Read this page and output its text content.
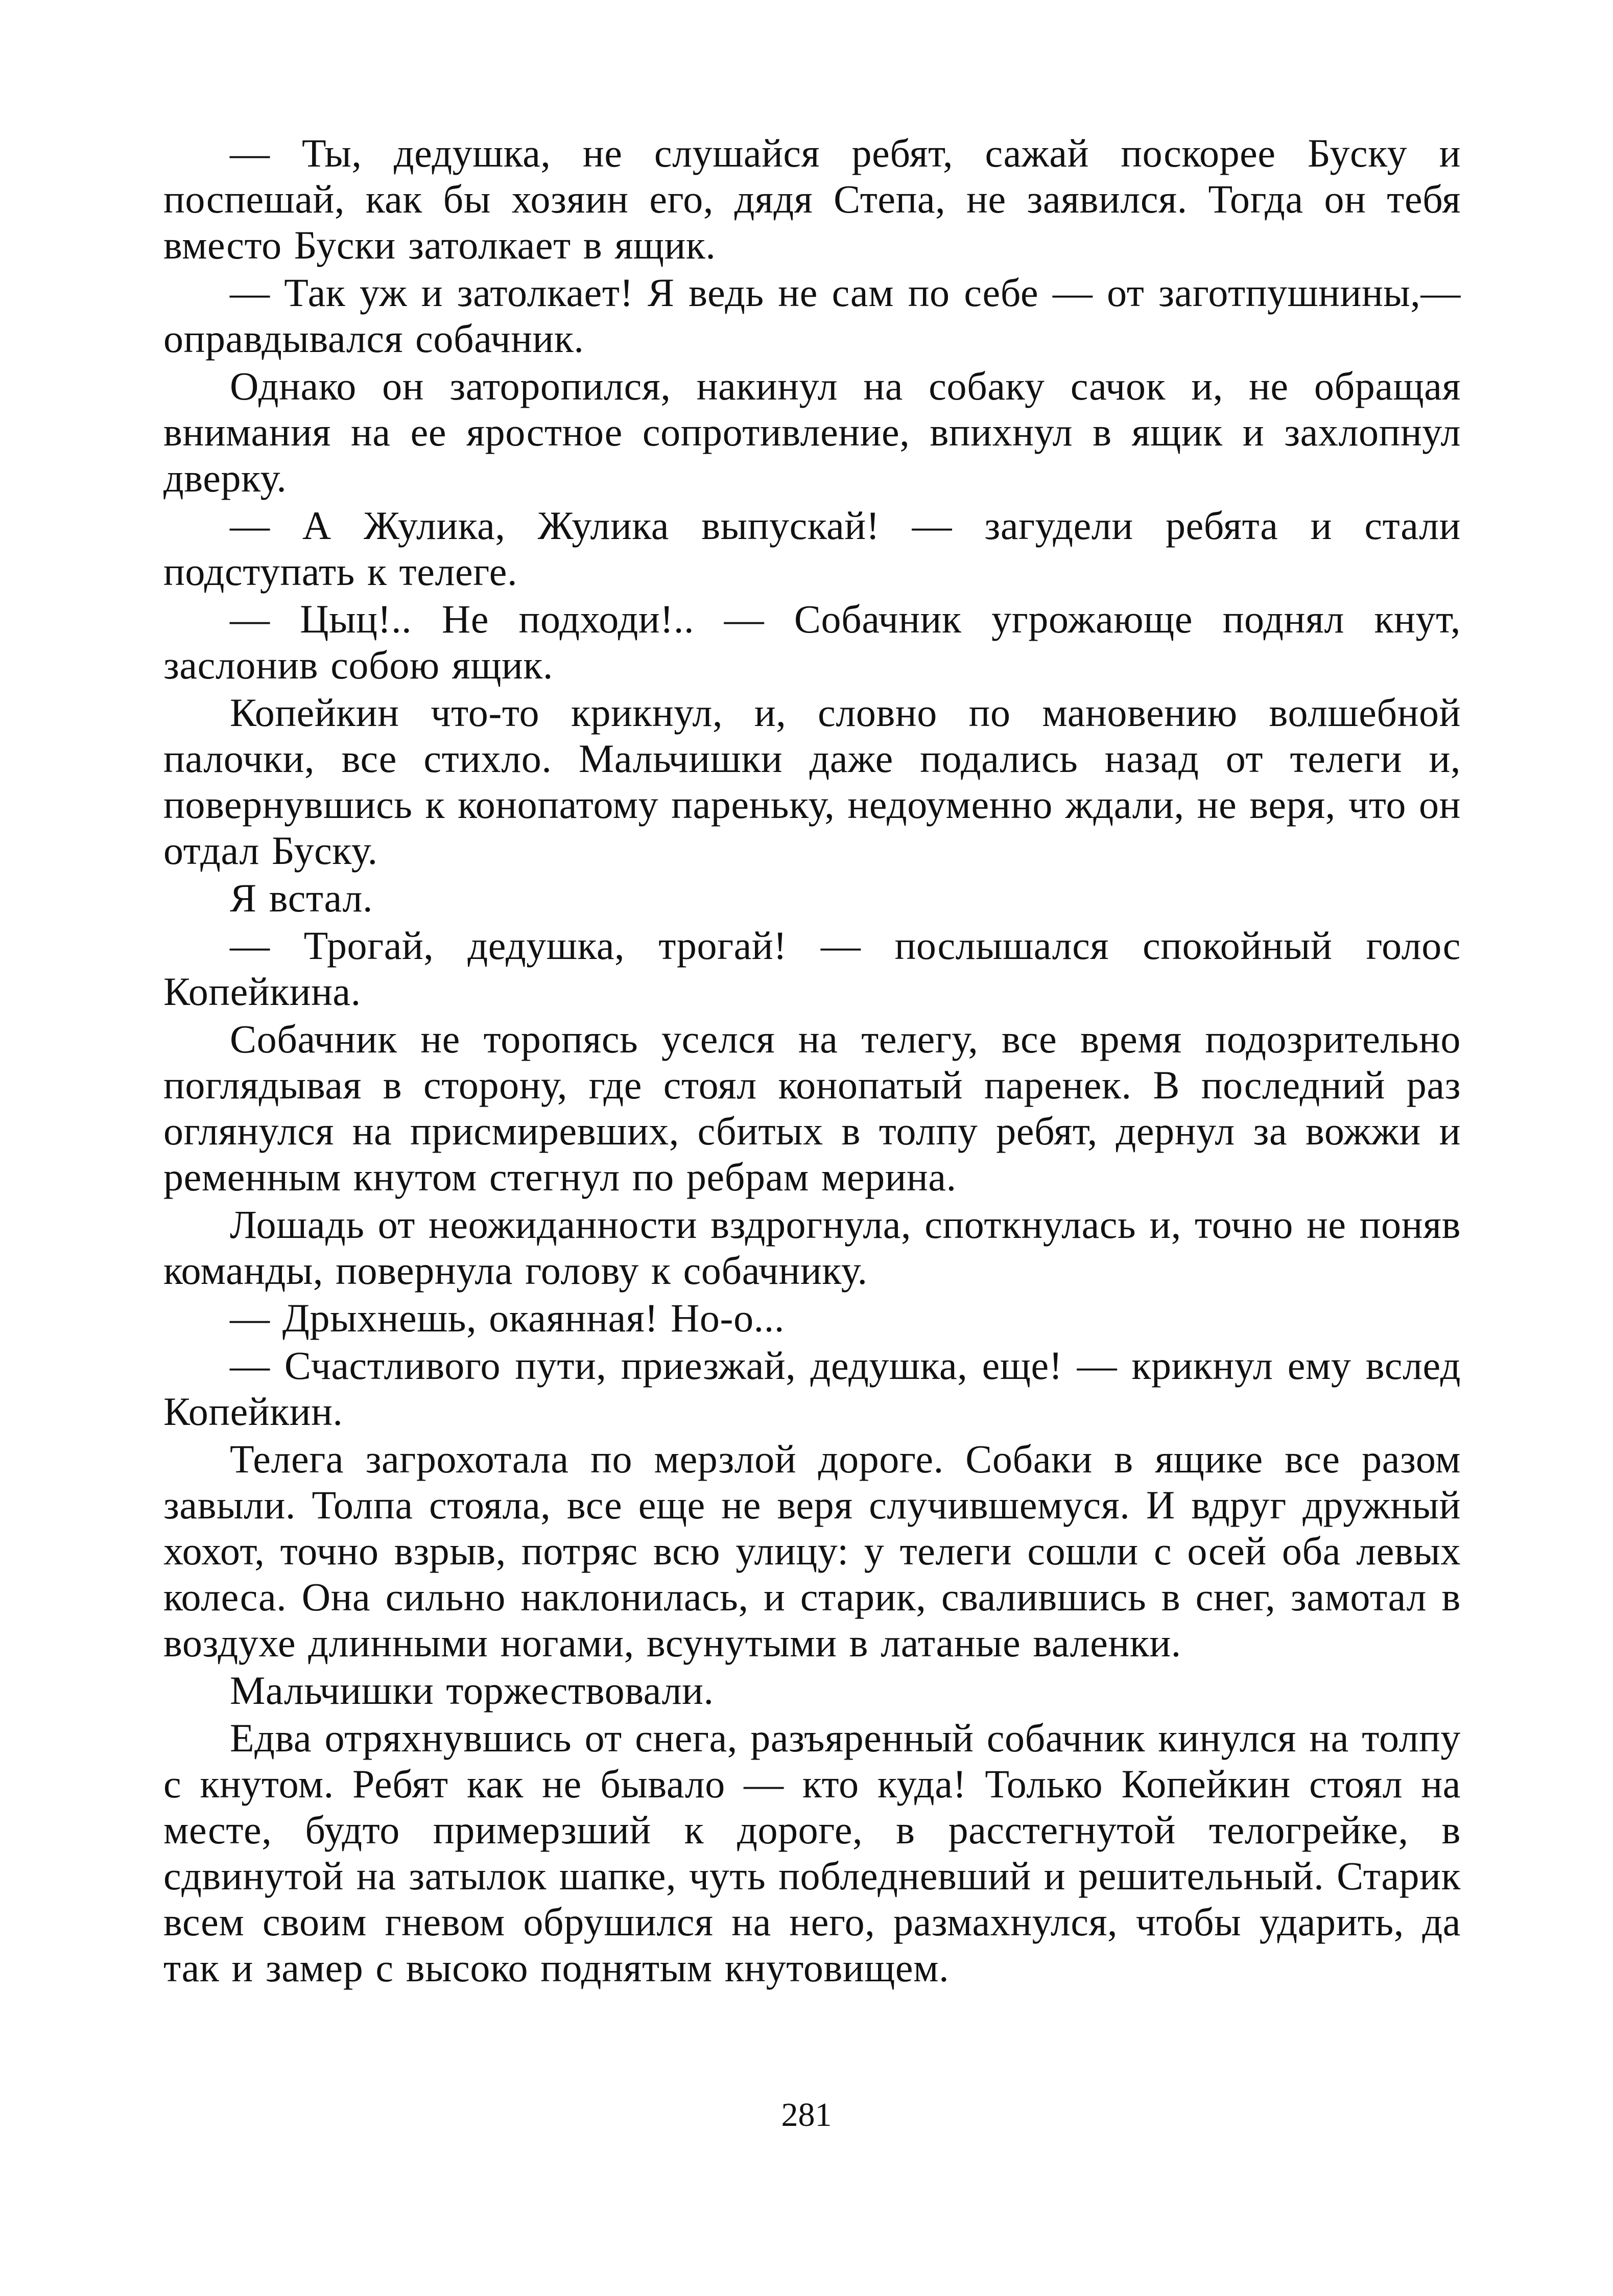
— Ты, дедушка, не слушайся ребят, сажай поскорее Буску и поспешай, как бы хозяин его, дядя Степа, не заявился. Тогда он тебя вместо Буски затолкает в ящик.

— Так уж и затолкает! Я ведь не сам по себе — от заготпушнины,— оправдывался собачник.

Однако он заторопился, накинул на собаку сачок и, не обращая внимания на ее яростное сопротивление, впихнул в ящик и захлопнул дверку.

— А Жулика, Жулика выпускай! — загудели ребята и стали подступать к телеге.

— Цыц!.. Не подходи!.. — Собачник угрожающе поднял кнут, заслонив собою ящик.

Копейкин что-то крикнул, и, словно по мановению волшебной палочки, все стихло. Мальчишки даже подались назад от телеги и, повернувшись к конопатому пареньку, недоуменно ждали, не веря, что он отдал Буску.

Я встал.

— Трогай, дедушка, трогай! — послышался спокойный голос Копейкина.

Собачник не торопясь уселся на телегу, все время подозрительно поглядывая в сторону, где стоял конопатый паренек. В последний раз оглянулся на присмиревших, сбитых в толпу ребят, дернул за вожжи и ременным кнутом стегнул по ребрам мерина.

Лошадь от неожиданности вздрогнула, споткнулась и, точно не поняв команды, повернула голову к собачнику.

— Дрыхнешь, окаянная! Но-о...

— Счастливого пути, приезжай, дедушка, еще! — крикнул ему вслед Копейкин.

Телега загрохотала по мерзлой дороге. Собаки в ящике все разом завыли. Толпа стояла, все еще не веря случившемуся. И вдруг дружный хохот, точно взрыв, потряс всю улицу: у телеги сошли с осей оба левых колеса. Она сильно наклонилась, и старик, свалившись в снег, замотал в воздухе длинными ногами, всунутыми в латаные валенки.

Мальчишки торжествовали.

Едва отряхнувшись от снега, разъяренный собачник кинулся на толпу с кнутом. Ребят как не бывало — кто куда! Только Копейкин стоял на месте, будто примерзший к дороге, в расстегнутой телогрейке, в сдвинутой на затылок шапке, чуть побледневший и решительный. Старик всем своим гневом обрушился на него, размахнулся, чтобы ударить, да так и замер с высоко поднятым кнутовищем.

281
